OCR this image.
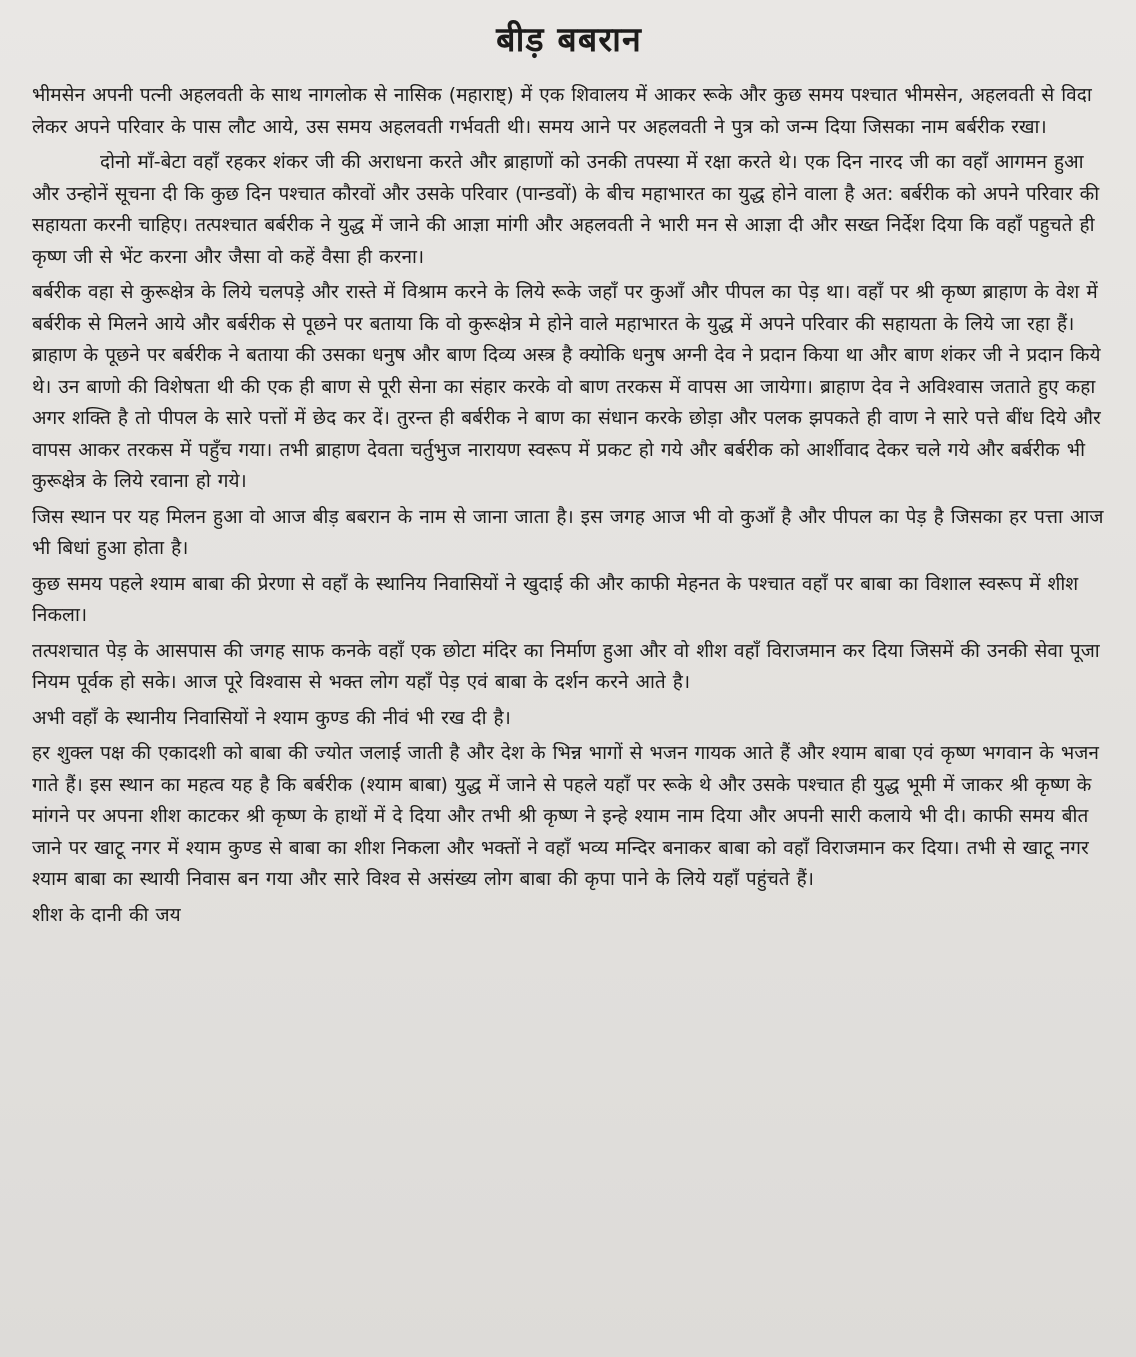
बीड़ बबरान

भीमसेन अपनी पत्नी अहलवती के साथ नागलोक से नासिक (महाराष्ट्) में एक शिवालय में आकर रूके और कुछ समय पश्चात भीमसेन, अहलवती से विदा लेकर अपने परिवार के पास लौट आये, उस समय अहलवती गर्भवती थी। समय आने पर अहलवती ने पुत्र को जन्म दिया जिसका नाम बर्बरीक रखा।

दोनो माँ-बेटा वहाँ रहकर शंकर जी की अराधना करते और ब्राहाणों को उनकी तपस्या में रक्षा करते थे। एक दिन नारद जी का वहाँ आगमन हुआ और उन्होनें सूचना दी कि कुछ दिन पश्चात कौरवों और उसके परिवार (पान्डवों) के बीच महाभारत का युद्ध होने वाला है अत: बर्बरीक को अपने परिवार की सहायता करनी चाहिए। तत्पश्चात बर्बरीक ने युद्ध में जाने की आज्ञा मांगी और अहलवती ने भारी मन से आज्ञा दी और सख्त निर्देश दिया कि वहाँ पहुचते ही कृष्ण जी से भेंट करना और जैसा वो कहें वैसा ही करना।

बर्बरीक वहा से कुरूक्षेत्र के लिये चलपड़े और रास्ते में विश्राम करने के लिये रूके जहाँ पर कुआँ और पीपल का पेड़ था। वहाँ पर श्री कृष्ण ब्राहाण के वेश में बर्बरीक से मिलने आये और बर्बरीक से पूछने पर बताया कि वो कुरूक्षेत्र मे होने वाले महाभारत के युद्ध में अपने परिवार की सहायता के लिये जा रहा हैं। ब्राहाण के पूछने पर बर्बरीक ने बताया की उसका धनुष और बाण दिव्य अस्त्र है क्योकि धनुष अग्नी देव ने प्रदान किया था और बाण शंकर जी ने प्रदान किये थे। उन बाणो की विशेषता थी की एक ही बाण से पूरी सेना का संहार करके वो बाण तरकस में वापस आ जायेगा। ब्राहाण देव ने अविश्वास जताते हुए कहा अगर शक्ति है तो पीपल के सारे पत्तों में छेद कर दें। तुरन्त ही बर्बरीक ने बाण का संधान करके छोड़ा और पलक झपकते ही वाण ने सारे पत्ते बींध दिये और वापस आकर तरकस में पहुँच गया। तभी ब्राहाण देवता चर्तुभुज नारायण स्वरूप में प्रकट हो गये और बर्बरीक को आर्शीवाद देकर चले गये और बर्बरीक भी कुरूक्षेत्र के लिये रवाना हो गये।

जिस स्थान पर यह मिलन हुआ वो आज बीड़ बबरान के नाम से जाना जाता है। इस जगह आज भी वो कुआँ है और पीपल का पेड़ है जिसका हर पत्ता आज भी बिधां हुआ होता है।

कुछ समय पहले श्याम बाबा की प्रेरणा से वहाँ के स्थानिय निवासियों ने खुदाई की और काफी मेहनत के पश्चात वहाँ पर बाबा का विशाल स्वरूप में शीश निकला।

तत्पशचात पेड़ के आसपास की जगह साफ कनके वहाँ एक छोटा मंदिर का निर्माण हुआ और वो शीश वहाँ विराजमान कर दिया जिसमें की उनकी सेवा पूजा नियम पूर्वक हो सके। आज पूरे विश्वास से भक्त लोग यहाँ पेड़ एवं बाबा के दर्शन करने आते है।

अभी वहाँ के स्थानीय निवासियों ने श्याम कुण्ड की नीवं भी रख दी है।

हर शुक्ल पक्ष की एकादशी को बाबा की ज्योत जलाई जाती है और देश के भिन्न भागों से भजन गायक आते हैं और श्याम बाबा एवं कृष्ण भगवान के भजन गाते हैं। इस स्थान का महत्व यह है कि बर्बरीक (श्याम बाबा) युद्ध में जाने से पहले यहाँ पर रूके थे और उसके पश्चात ही युद्ध भूमी में जाकर श्री कृष्ण के मांगने पर अपना शीश काटकर श्री कृष्ण के हाथों में दे दिया और तभी श्री कृष्ण ने इन्हे श्याम नाम दिया और अपनी सारी कलाये भी दी। काफी समय बीत जाने पर खाटू नगर में श्याम कुण्ड से बाबा का शीश निकला और भक्तों ने वहाँ भव्य मन्दिर बनाकर बाबा को वहाँ विराजमान कर दिया। तभी से खाटू नगर श्याम बाबा का स्थायी निवास बन गया और सारे विश्व से असंख्य लोग बाबा की कृपा पाने के लिये यहाँ पहुंचते हैं।

शीश के दानी की जय
